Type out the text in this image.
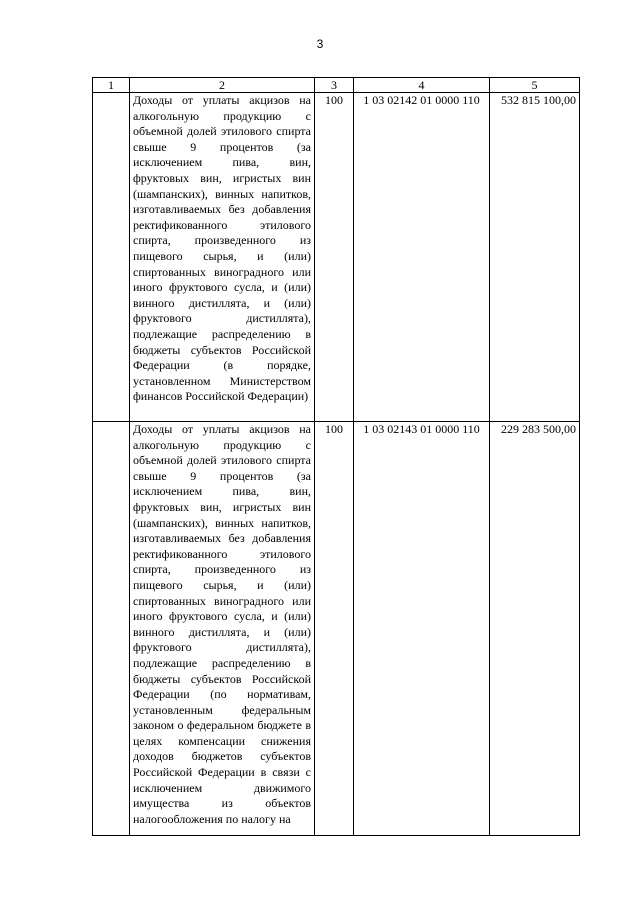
3
1	2	3	4	5
	Доходы от уплаты акцизов на алкогольную продукцию с объемной долей этилового спирта свыше 9 процентов (за исключением пива, вин, фруктовых вин, игристых вин (шампанских), винных напитков, изготавливаемых без добавления ректификованного этилового спирта, произведенного из пищевого сырья, и (или) спиртованных виноградного или иного фруктового сусла, и (или) винного дистиллята, и (или) фруктового дистиллята), подлежащие распределению в бюджеты субъектов Российской Федерации (в порядке, установленном Министерством финансов Российской Федерации)	100	1 03 02142 01 0000 110	532 815 100,00
	Доходы от уплаты акцизов на алкогольную продукцию с объемной долей этилового спирта свыше 9 процентов (за исключением пива, вин, фруктовых вин, игристых вин (шампанских), винных напитков, изготавливаемых без добавления ректификованного этилового спирта, произведенного из пищевого сырья, и (или) спиртованных виноградного или иного фруктового сусла, и (или) винного дистиллята, и (или) фруктового дистиллята), подлежащие распределению в бюджеты субъектов Российской Федерации (по нормативам, установленным федеральным законом о федеральном бюджете в целях компенсации снижения доходов бюджетов субъектов Российской Федерации в связи с исключением движимого имущества из объектов налогообложения по налогу на	100	1 03 02143 01 0000 110	229 283 500,00
